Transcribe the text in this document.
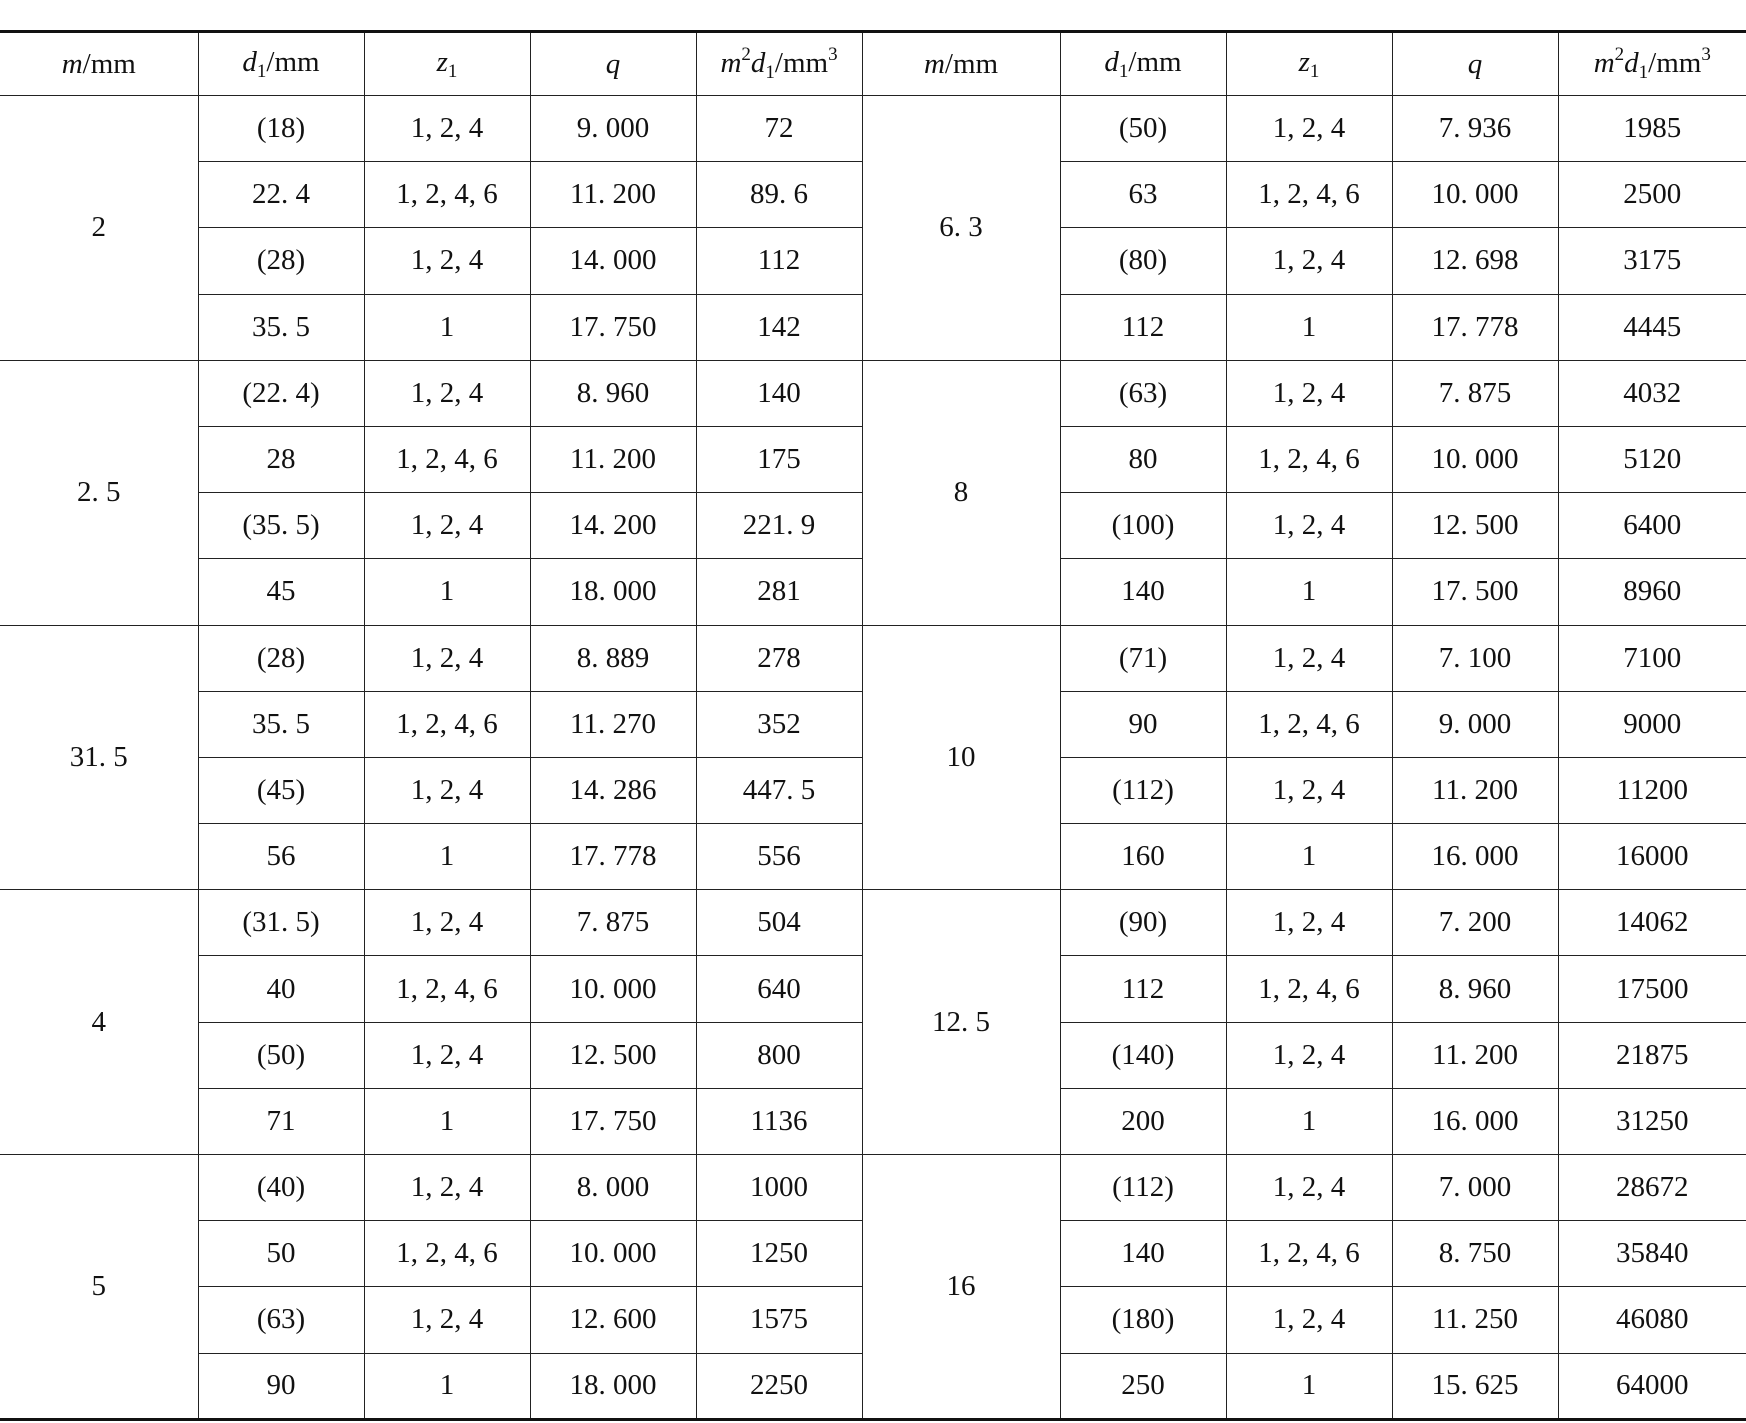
m/mm	$d_1/mm$	$z_1$	q	$m^2d_1/mm^3$	m/mm	$d_1/mm$	$z_1$	q	$m^2d_1/mm^3$
2	(18)	1, 2, 4	9. 000	72	6. 3	(50)	1, 2, 4	7. 936	1985
	22. 4	1, 2, 4, 6	11. 200	89. 6		63	1, 2, 4, 6	10. 000	2500
	(28)	1, 2, 4	14. 000	112		(80)	1, 2, 4	12. 698	3175
	35. 5	1	17. 750	142		112	1	17. 778	4445
2. 5	(22. 4)	1, 2, 4	8. 960	140	8	(63)	1, 2, 4	7. 875	4032
	28	1, 2, 4, 6	11. 200	175		80	1, 2, 4, 6	10. 000	5120
	(35. 5)	1, 2, 4	14. 200	221. 9		(100)	1, 2, 4	12. 500	6400
	45	1	18. 000	281		140	1	17. 500	8960
31. 5	(28)	1, 2, 4	8. 889	278	10	(71)	1, 2, 4	7. 100	7100
	35. 5	1, 2, 4, 6	11. 270	352		90	1, 2, 4, 6	9. 000	9000
	(45)	1, 2, 4	14. 286	447. 5		(112)	1, 2, 4	11. 200	11200
	56	1	17. 778	556		160	1	16. 000	16000
4	(31. 5)	1, 2, 4	7. 875	504	12. 5	(90)	1, 2, 4	7. 200	14062
	40	1, 2, 4, 6	10. 000	640		112	1, 2, 4, 6	8. 960	17500
	(50)	1, 2, 4	12. 500	800		(140)	1, 2, 4	11. 200	21875
	71	1	17. 750	1136		200	1	16. 000	31250
5	(40)	1, 2, 4	8. 000	1000	16	(112)	1, 2, 4	7. 000	28672
	50	1, 2, 4, 6	10. 000	1250		140	1, 2, 4, 6	8. 750	35840
	(63)	1, 2, 4	12. 600	1575		(180)	1, 2, 4	11. 250	46080
	90	1	18. 000	2250		250	1	15. 625	64000
